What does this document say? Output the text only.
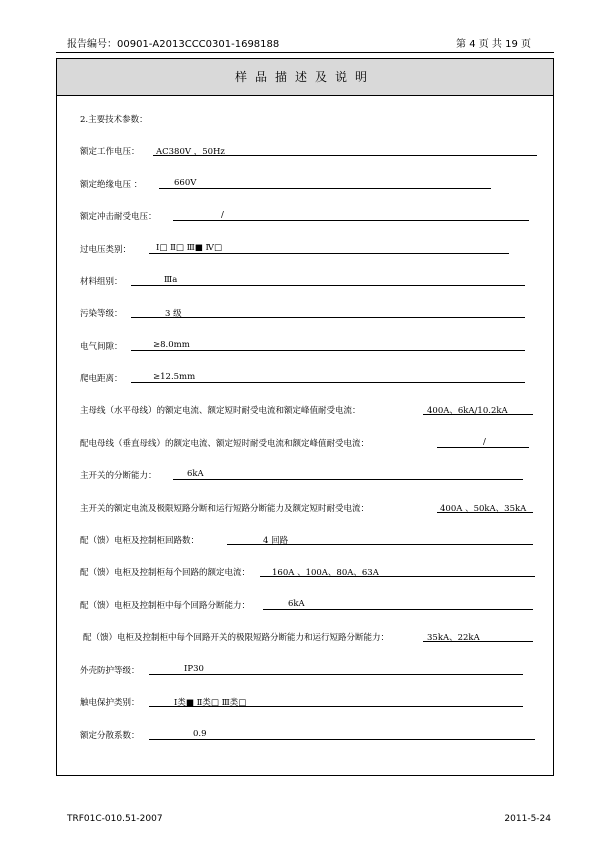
报告编号：00901-A2013CCC0301-1698188	第 4 页 共 19 页
样品描述及说明
2.主要技术参数：
额定工作电压： AC380V ，50Hz
额定绝缘电压 ：	660V
额定冲击耐受电压：	/
过电压类别：	Ⅰ□ Ⅱ□ Ⅲ■ Ⅳ□
材料组别：	Ⅲa
污染等级：	3 级
电气间隙：	≥8.0mm
爬电距离：	≥12.5mm
主母线（水平母线）的额定电流、额定短时耐受电流和额定峰值耐受电流：	400A、6kA/10.2kA
配电母线（垂直母线）的额定电流、额定短时耐受电流和额定峰值耐受电流：	/
主开关的分断能力：	6kA
主开关的额定电流及极限短路分断和运行短路分断能力及额定短时耐受电流：	400A 、50kA、35kA
配（馈）电柜及控制柜回路数：	4 回路
配（馈）电柜及控制柜每个回路的额定电流：	160A 、100A、80A、63A
配（馈）电柜及控制柜中每个回路分断能力：	6kA
配（馈）电柜及控制柜中每个回路开关的极限短路分断能力和运行短路分断能力：	35kA、22kA
外壳防护等级：	IP30
触电保护类别：	Ⅰ类■ Ⅱ类□ Ⅲ类□
额定分散系数：	0.9
TRF01C-010.51-2007	2011-5-24
